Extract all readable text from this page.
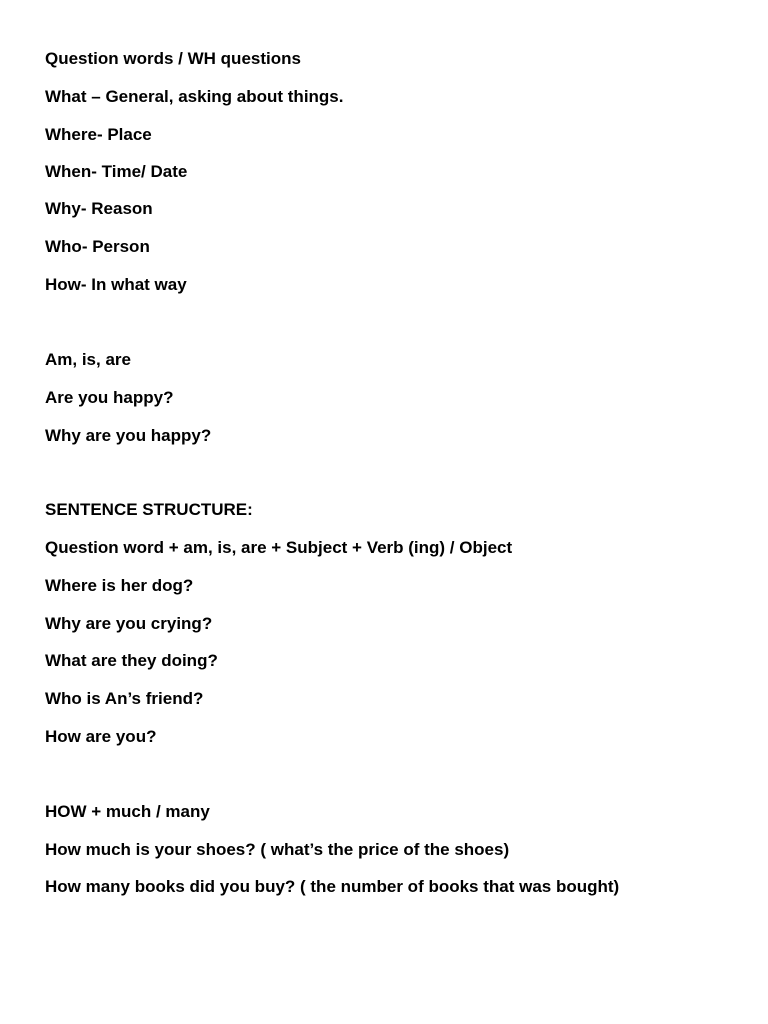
Question words / WH questions

What – General, asking about things.

Where- Place

When- Time/ Date

Why- Reason

Who- Person

How- In what way

Am, is, are

Are you happy?

Why are you happy?

SENTENCE STRUCTURE:

Question word + am, is, are + Subject + Verb (ing) / Object

Where is her dog?

Why are you crying?

What are they doing?

Who is An’s friend?

How are you?

HOW + much / many

How much is your shoes? ( what’s the price of the shoes)

How many books did you buy? ( the number of books that was bought)
